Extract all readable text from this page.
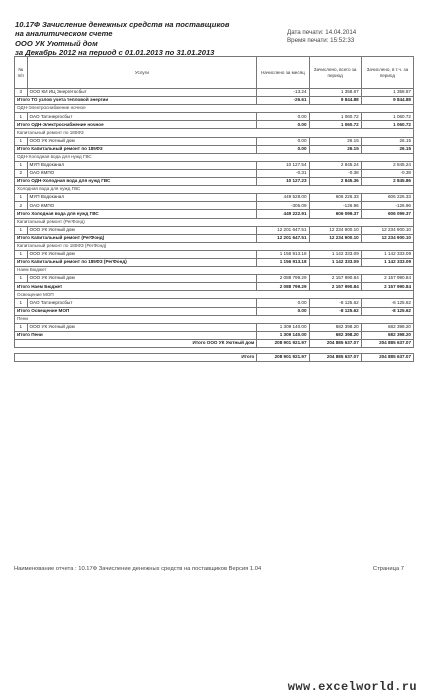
10.17Ф Зачисление денежных средств на поставщиков
на аналитическом счете
ООО УК Уютный дом
за Декабрь 2012 на период с 01.01.2013 по 31.01.2013
Дата печати: 14.04.2014
Время печати: 15:52:33
№ п/п	Услуги	Начислено за месяц	Зачислено, всего за период	Зачислено, в т.ч. за период
3	ООО КИ ИЦ Энергетосбыт	-13.24	1 358.67	1 358.67
Итого ТО узлов учета тепловой энергии		-26.61	9 844.88	9 844.88
ОДН-Электроснабжение ночное				
1	ОАО Татэнергосбыт	0.00	1 060.72	1 060.72
Итого ОДН-Электроснабжение ночное		0.00	1 060.72	1 060.72
Капитальный ремонт по 185ФЗ				
1	ООО УК Уютный дом	0.00	26.15	26.15
Итого Капитальный ремонт по 185ФЗ		0.00	26.15	26.15
ОДН-Холодная вода для нужд ГВС				
1	МУП Водоканал	10 127.54	2 845.24	2 845.24
2	ОАО КМПО	-0.31	-0.38	-0.38
Итого ОДН-Холодная вода для нужд ГВС		10 127.23	2 845.36	2 845.86
Холодная вода для нужд ГВС				
1	МУП Водоканал	449 528.00	606 226.33	606 226.33
2	ОАО КМПО	-305.09	-126.96	-126.96
Итого Холодная вода для нужд ГВС		449 222.91	606 099.37	606 099.37
Капитальный ремонт (РегФонд)				
1	ООО УК Уютный дом	12 201 647.51	12 234 900.10	12 234 900.10
Итого Капитальный ремонт (РегФонд)		12 201 647.51	12 234 900.10	12 234 900.10
Капитальный ремонт по 185ФЗ (РегФонд)				
1	ООО УК Уютный дом	1 156 913.18	1 142 333.09	1 142 333.09
Итого Капитальный ремонт по 185ФЗ (РегФонд)		1 156 913.18	1 142 333.09	1 142 333.09
Наем Бюджет				
1	ООО УК Уютный дом	2 088 799.29	2 157 990.84	2 157 990.84
Итого Наем Бюджет		2 088 799.29	2 157 990.84	2 157 990.84
Освещение МОП				
1	ОАО Татэнергосбыт	0.00	-8 125.62	-8 125.62
Итого Освещение МОП		0.00	-8 125.62	-8 125.62
Пени				
1	ООО УК Уютный дом	1 309 140.00	682 398.20	682 398.20
Итого Пени		1 309 140.00	682 398.20	682 398.20
Итого ООО УК Уютный дом		208 901 921.97	204 885 637.07	204 885 637.07

Итого		208 901 921.97	204 885 637.07	204 885 637.07
Наименование отчета : 10.17Ф Зачисление денежных средств на поставщиков Версия 1.04	Страница 7
www.excelworld.ru
